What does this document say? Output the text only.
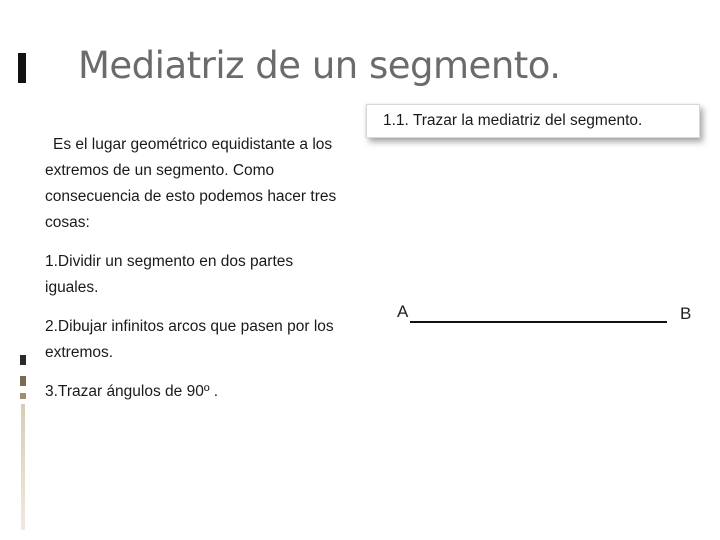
Mediatriz de un segmento.

Es el lugar geométrico equidistante a los extremos de un segmento. Como consecuencia de esto podemos hacer tres cosas:

1.Dividir un segmento en dos partes iguales.

2.Dibujar infinitos arcos que pasen por los extremos.

3.Trazar ángulos de 90º .

1.1. Trazar la mediatriz del segmento.
A	B
